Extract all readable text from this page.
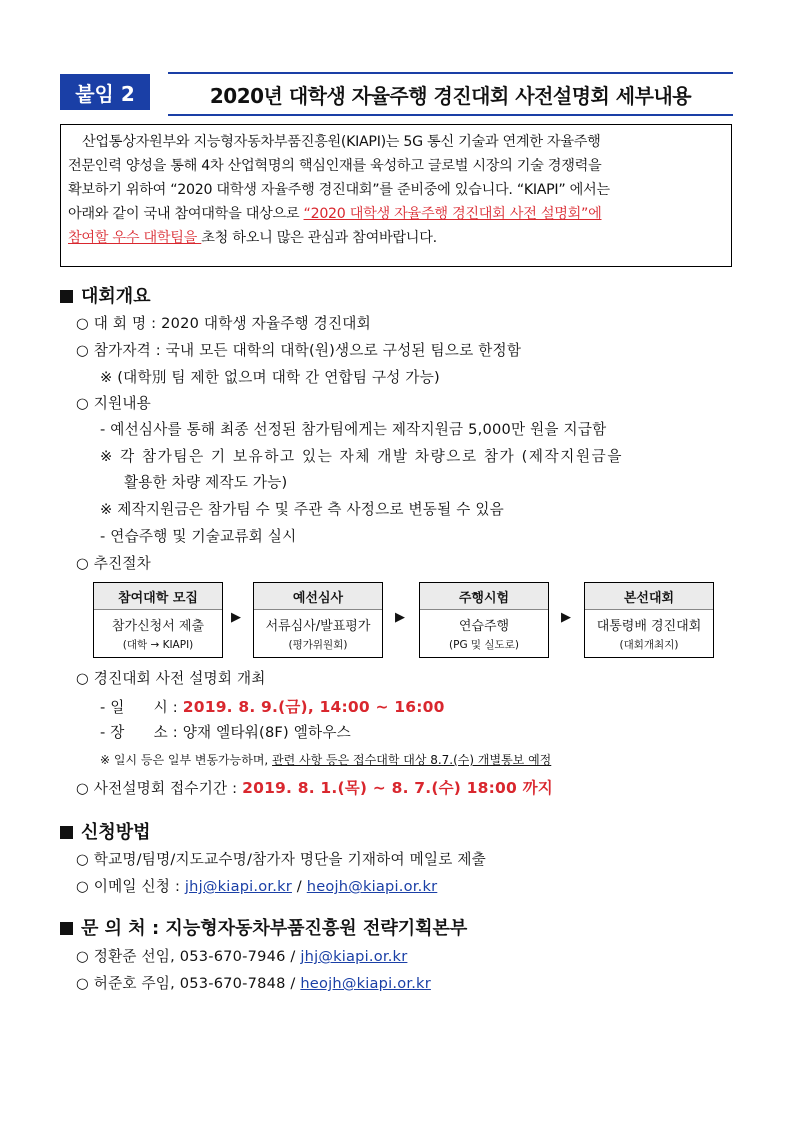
붙임 2	2020년 대학생 자율주행 경진대회 사전설명회 세부내용
산업통상자원부와 지능형자동차부품진흥원(KIAPI)는 5G 통신 기술과 연계한 자율주행
전문인력 양성을 통해 4차 산업혁명의 핵심인재를 육성하고 글로벌 시장의 기술 경쟁력을
확보하기 위하여 “2020 대학생 자율주행 경진대회”를 준비중에 있습니다. “KIAPI” 에서는
아래와 같이 국내 참여대학을 대상으로 “2020 대학생 자율주행 경진대회 사전 설명회”에
참여할 우수 대학팀을 초청 하오니 많은 관심과 참여바랍니다.
대회개요
○ 대 회 명 : 2020 대학생 자율주행 경진대회
○ 참가자격 : 국내 모든 대학의 대학(원)생으로 구성된 팀으로 한정함
※ (대학別 팀 제한 없으며 대학 간 연합팀 구성 가능)
○ 지원내용
- 예선심사를 통해 최종 선정된 참가팀에게는 제작지원금 5,000만 원을 지급함
※ 각 참가팀은 기 보유하고 있는 자체 개발 차량으로 참가 (제작지원금을
활용한 차량 제작도 가능)
※ 제작지원금은 참가팀 수 및 주관 측 사정으로 변동될 수 있음
- 연습주행 및 기술교류회 실시
○ 추진절차
참여대학 모집
참가신청서 제출
(대학 → KIAPI)
▶
예선심사
서류심사/발표평가
(평가위원회)
▶
주행시험
연습주행
(PG 및 실도로)
▶
본선대회
대통령배 경진대회
(대회개최지)
○ 경진대회 사전 설명회 개최
- 일      시 : 2019. 8. 9.(금), 14:00 ~ 16:00
- 장      소 : 양재 엘타워(8F) 엘하우스
※ 일시 등은 일부 변동가능하며, 관련 사항 등은 접수대학 대상 8.7.(수) 개별통보 예정
○ 사전설명회 접수기간 : 2019. 8. 1.(목) ~ 8. 7.(수) 18:00 까지
신청방법
○ 학교명/팀명/지도교수명/참가자 명단을 기재하여 메일로 제출
○ 이메일 신청 : jhj@kiapi.or.kr / heojh@kiapi.or.kr
문 의 처 : 지능형자동차부품진흥원 전략기획본부
○ 정환준 선임, 053-670-7946 / jhj@kiapi.or.kr
○ 허준호 주임, 053-670-7848 / heojh@kiapi.or.kr
